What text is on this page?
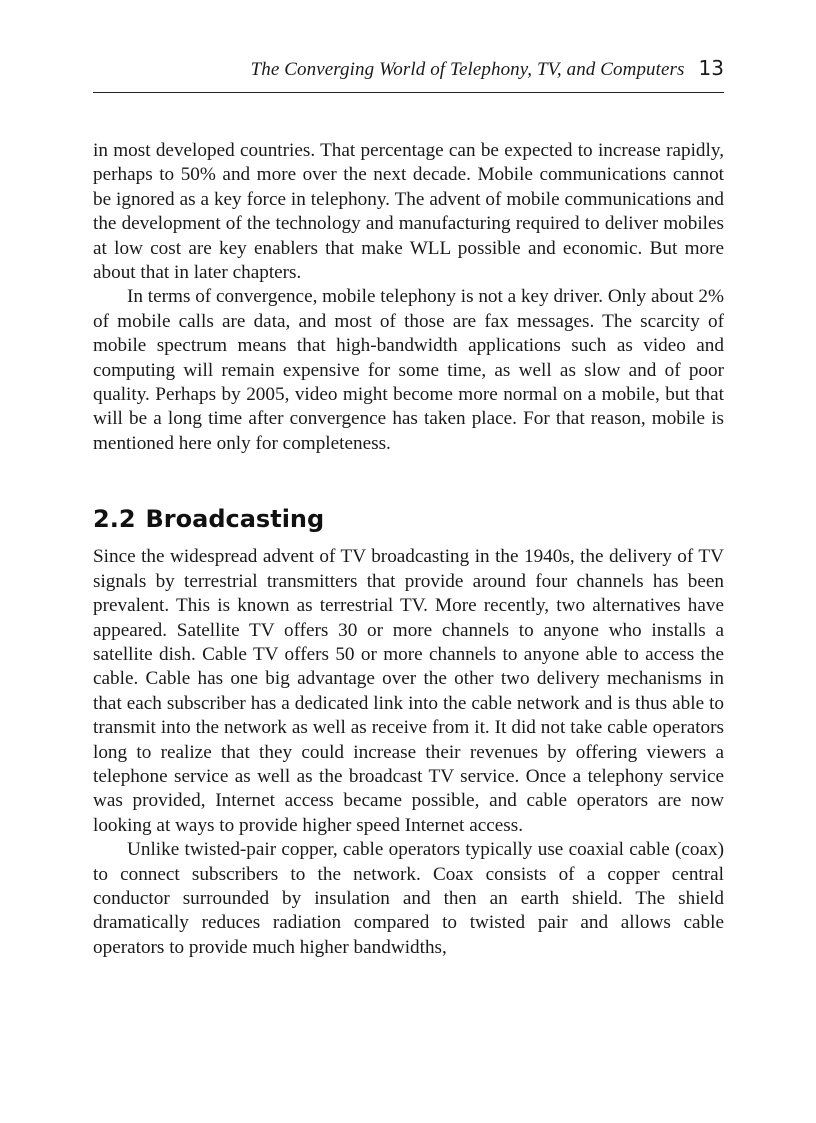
The Converging World of Telephony, TV, and Computers 13

in most developed countries. That percentage can be expected to increase rapidly, perhaps to 50% and more over the next decade. Mobile communications cannot be ignored as a key force in telephony. The advent of mobile communications and the development of the technology and manufacturing required to deliver mobiles at low cost are key enablers that make WLL possible and economic. But more about that in later chapters.

In terms of convergence, mobile telephony is not a key driver. Only about 2% of mobile calls are data, and most of those are fax messages. The scarcity of mobile spectrum means that high-bandwidth applications such as video and computing will remain expensive for some time, as well as slow and of poor quality. Perhaps by 2005, video might become more normal on a mobile, but that will be a long time after convergence has taken place. For that reason, mobile is mentioned here only for completeness.

2.2 Broadcasting

Since the widespread advent of TV broadcasting in the 1940s, the delivery of TV signals by terrestrial transmitters that provide around four channels has been prevalent. This is known as terrestrial TV. More recently, two alternatives have appeared. Satellite TV offers 30 or more channels to anyone who installs a satellite dish. Cable TV offers 50 or more channels to anyone able to access the cable. Cable has one big advantage over the other two delivery mechanisms in that each subscriber has a dedicated link into the cable network and is thus able to transmit into the network as well as receive from it. It did not take cable operators long to realize that they could increase their revenues by offering viewers a telephone service as well as the broadcast TV service. Once a telephony service was provided, Internet access became possible, and cable operators are now looking at ways to provide higher speed Internet access.

Unlike twisted-pair copper, cable operators typically use coaxial cable (coax) to connect subscribers to the network. Coax consists of a copper central conductor surrounded by insulation and then an earth shield. The shield dramatically reduces radiation compared to twisted pair and allows cable operators to provide much higher bandwidths,
